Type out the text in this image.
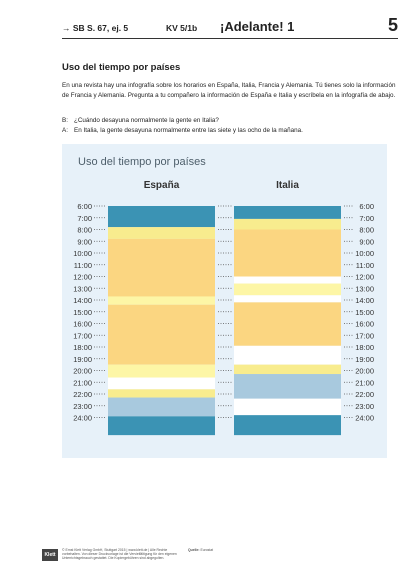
→ SB S. 67, ej. 5	KV 5/1b ¡Adelante! 1	5
Uso del tiempo por países

En una revista hay una infografía sobre los horarios en España, Italia, Francia y Alemania. Tú tienes solo la información de Francia y Alemania. Pregunta a tu compañero la información de España e Italia y escríbela en la infografía de abajo.

B: ¿Cuándo desayuna normalmente la gente en Italia?

A: En Italia, la gente desayuna normalmente entre las siete y las ocho de la mañana.

Uso del tiempo por países
España	Italia
6:00	6:00
7:00	7:00
8:00	8:00
9:00	9:00
10:00	10:00
11:00	11:00
12:00	12:00
13:00	13:00
14:00	14:00
15:00	15:00
16:00	16:00
17:00	17:00
18:00	18:00
19:00	19:00
20:00	20:00
21:00	21:00
22:00	22:00
23:00	23:00
24:00	24:00
Klett
© Ernst Klett Verlag GmbH, Stuttgart 2015 | www.klett.de | Alle Rechte vorbehalten. Von dieser Druckvorlage ist die Vervielfältigung für den eigenen Unterrichtsgebrauch gestattet. Die Kopiergebühren sind abgegolten.
Quelle: Eurostat
